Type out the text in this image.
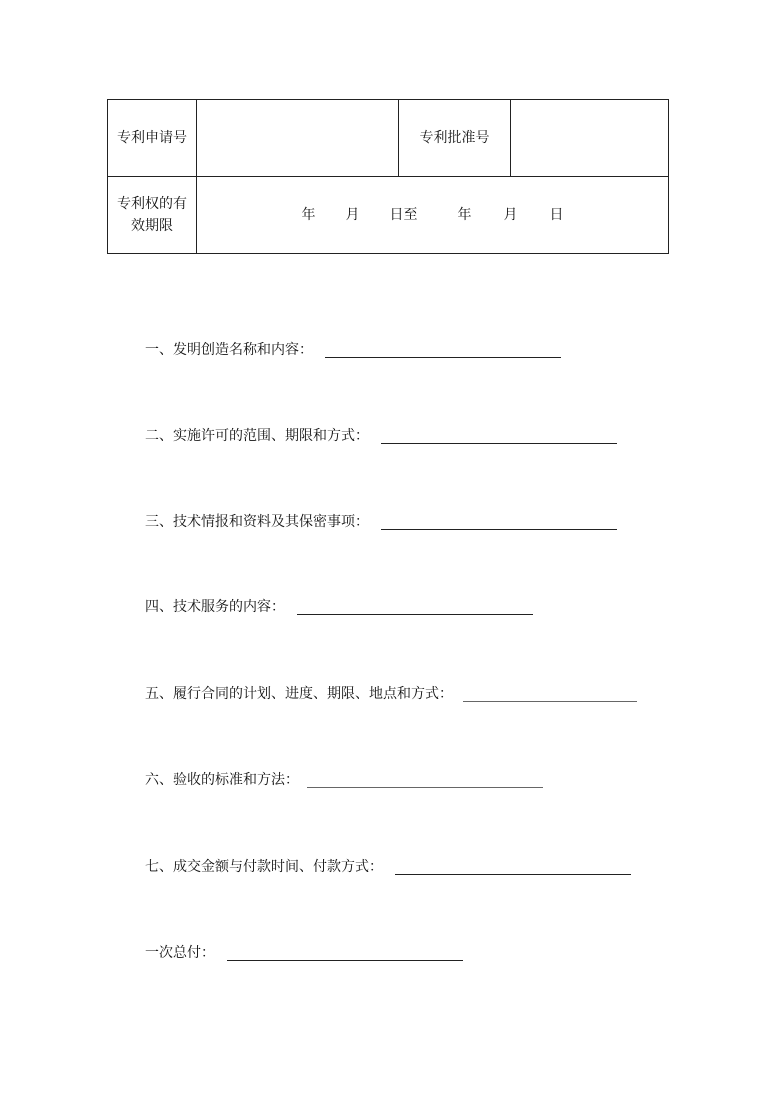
专利申请号		专利批准号	
专利权的有
效期限	年 月 日至 年 月 日		
一、发明创造名称和内容：
二、实施许可的范围、期限和方式：
三、技术情报和资料及其保密事项：
四、技术服务的内容：
五、履行合同的计划、进度、期限、地点和方式：
六、验收的标准和方法：
七、成交金额与付款时间、付款方式：
一次总付：
